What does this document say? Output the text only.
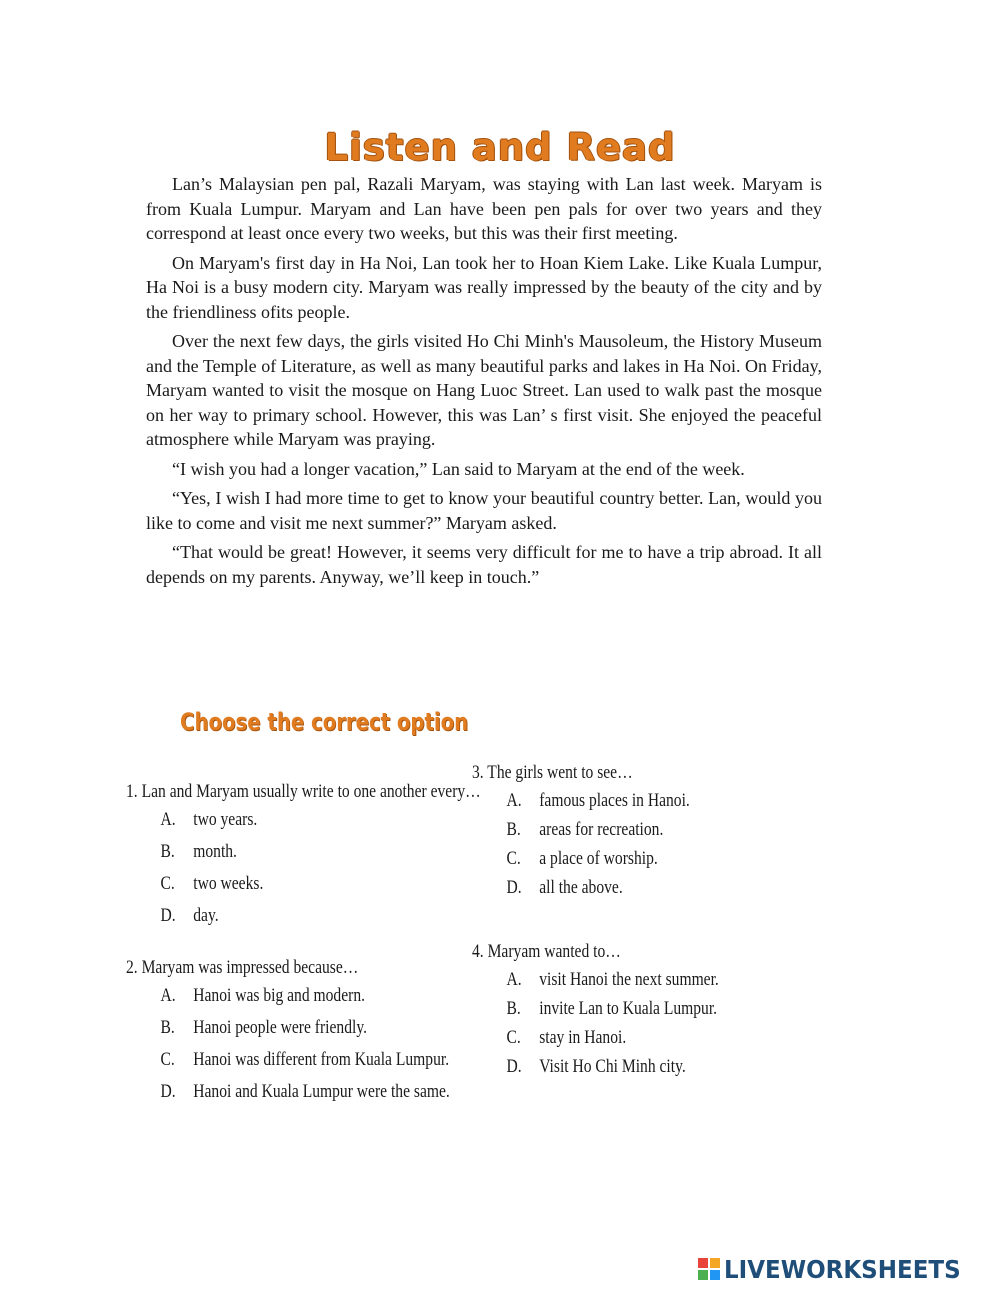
Listen and Read

Lan’s Malaysian pen pal, Razali Maryam, was staying with Lan last week. Maryam is from Kuala Lumpur. Maryam and Lan have been pen pals for over two years and they correspond at least once every two weeks, but this was their first meeting.

On Maryam's first day in Ha Noi, Lan took her to Hoan Kiem Lake. Like Kuala Lumpur, Ha Noi is a busy modern city. Maryam was really impressed by the beauty of the city and by the friendliness ofits people.

Over the next few days, the girls visited Ho Chi Minh's Mausoleum, the History Museum and the Temple of Literature, as well as many beautiful parks and lakes in Ha Noi. On Friday, Maryam wanted to visit the mosque on Hang Luoc Street. Lan used to walk past the mosque on her way to primary school. However, this was Lan’ s first visit. She enjoyed the peaceful atmosphere while Maryam was praying.

“I wish you had a longer vacation,” Lan said to Maryam at the end of the week.

“Yes, I wish I had more time to get to know your beautiful country better. Lan, would you like to come and visit me next summer?” Maryam asked.

“That would be great! However, it seems very difficult for me to have a trip abroad. It all depends on my parents. Anyway, we’ll keep in touch.”

Choose the correct option
1. Lan and Maryam usually write to one another every…
A. two years.
B. month.
C. two weeks.
D. day.
2. Maryam was impressed because…
A. Hanoi was big and modern.
B. Hanoi people were friendly.
C. Hanoi was different from Kuala Lumpur.
D. Hanoi and Kuala Lumpur were the same.
3. The girls went to see…
A. famous places in Hanoi.
B. areas for recreation.
C. a place of worship.
D. all the above.
4. Maryam wanted to…
A. visit Hanoi the next summer.
B. invite Lan to Kuala Lumpur.
C. stay in Hanoi.
D. Visit Ho Chi Minh city.
LIVEWORKSHEETS
